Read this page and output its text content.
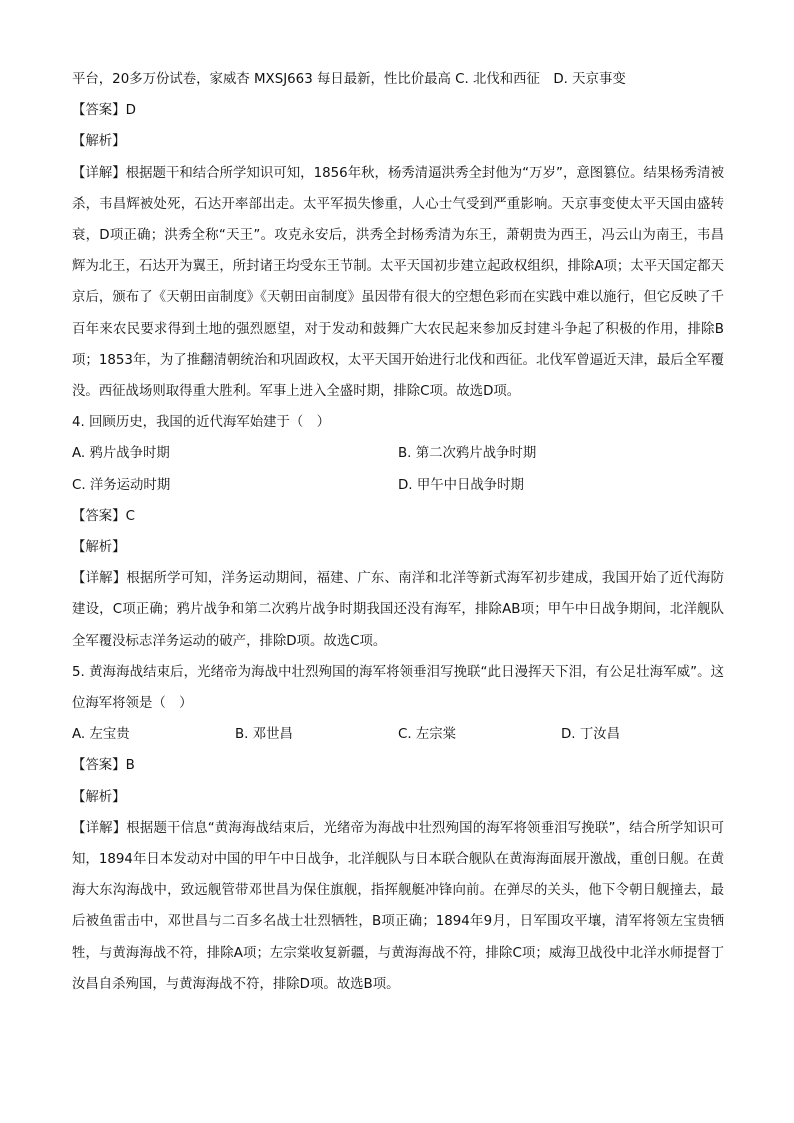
平台，20多万份试卷，家威杏 MXSJ663 每日最新，性比价最高 C. 北伐和西征　D. 天京事变
【答案】D
【解析】

【详解】根据题干和结合所学知识可知，1856年秋，杨秀清逼洪秀全封他为“万岁”，意图篡位。结果杨秀清被杀，韦昌辉被处死，石达开率部出走。太平军损失惨重，人心士气受到严重影响。天京事变使太平天国由盛转衰，D项正确；洪秀全称“天王”。攻克永安后，洪秀全封杨秀清为东王，萧朝贵为西王，冯云山为南王，韦昌辉为北王，石达开为翼王，所封诸王均受东王节制。太平天国初步建立起政权组织，排除A项；太平天国定都天京后，颁布了《天朝田亩制度》《天朝田亩制度》虽因带有很大的空想色彩而在实践中难以施行，但它反映了千百年来农民要求得到土地的强烈愿望，对于发动和鼓舞广大农民起来参加反封建斗争起了积极的作用，排除B项；1853年，为了推翻清朝统治和巩固政权，太平天国开始进行北伐和西征。北伐军曾逼近天津，最后全军覆没。西征战场则取得重大胜利。军事上进入全盛时期，排除C项。故选D项。

4. 回顾历史，我国的近代海军始建于（　）
A. 鸦片战争时期	B. 第二次鸦片战争时期
C. 洋务运动时期	D. 甲午中日战争时期
【答案】C
【解析】

【详解】根据所学可知，洋务运动期间，福建、广东、南洋和北洋等新式海军初步建成，我国开始了近代海防建设，C项正确；鸦片战争和第二次鸦片战争时期我国还没有海军，排除AB项；甲午中日战争期间，北洋舰队全军覆没标志洋务运动的破产，排除D项。故选C项。

5. 黄海海战结束后，光绪帝为海战中壮烈殉国的海军将领垂泪写挽联“此日漫挥天下泪，有公足壮海军威”。这位海军将领是（　）

A. 左宝贵	B. 邓世昌	C. 左宗棠	D. 丁汝昌
【答案】B
【解析】

【详解】根据题干信息“黄海海战结束后，光绪帝为海战中壮烈殉国的海军将领垂泪写挽联”，结合所学知识可知，1894年日本发动对中国的甲午中日战争，北洋舰队与日本联合舰队在黄海海面展开激战，重创日舰。在黄海大东沟海战中，致远舰管带邓世昌为保住旗舰，指挥舰艇冲锋向前。在弹尽的关头，他下令朝日舰撞去，最后被鱼雷击中，邓世昌与二百多名战士壮烈牺牲，B项正确；1894年9月，日军围攻平壤，清军将领左宝贵牺牲，与黄海海战不符，排除A项；左宗棠收复新疆，与黄海海战不符，排除C项；威海卫战役中北洋水师提督丁汝昌自杀殉国，与黄海海战不符，排除D项。故选B项。
